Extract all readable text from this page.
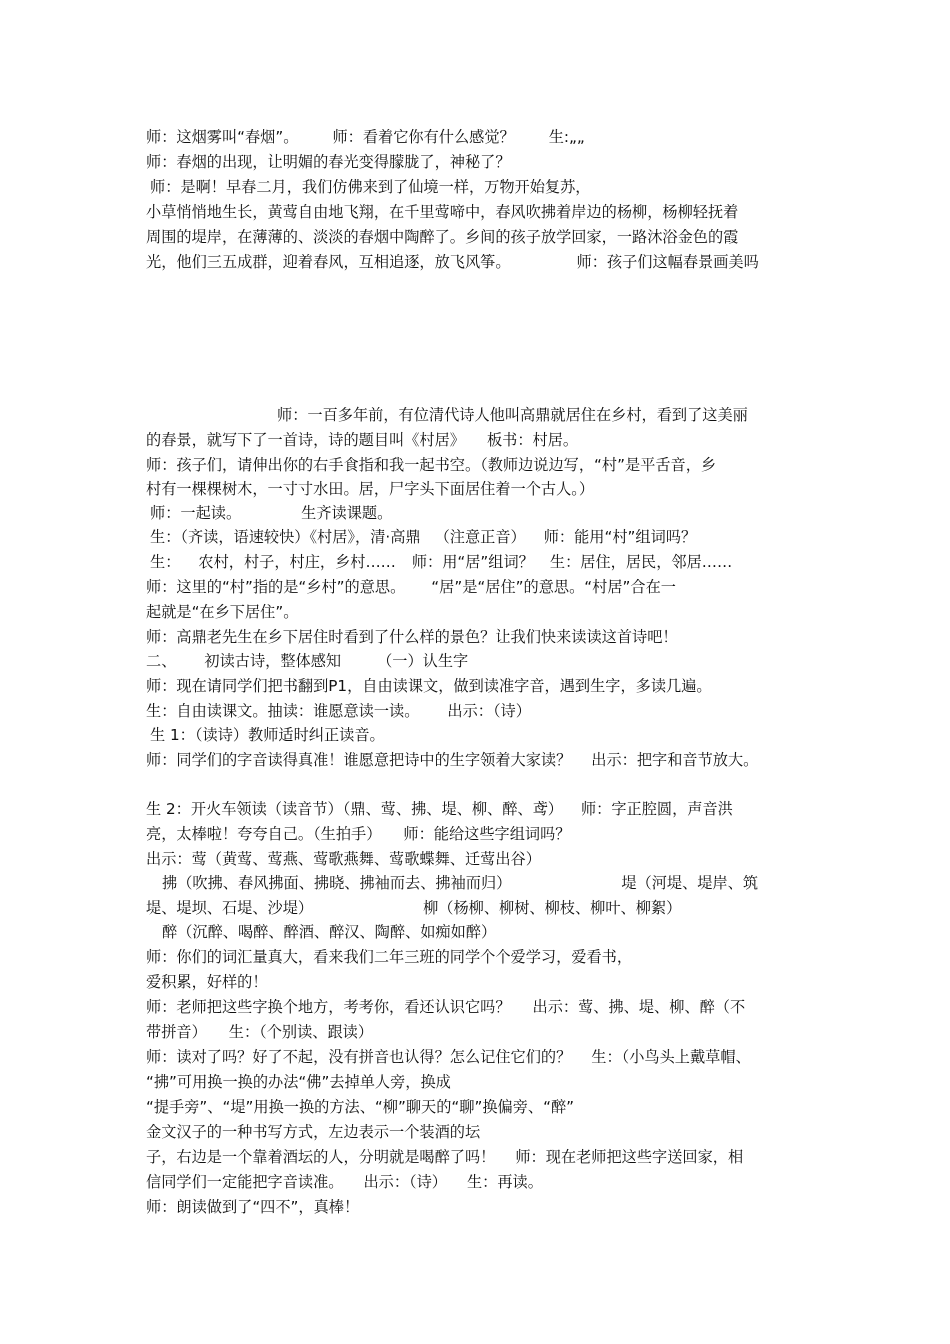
师：这烟雾叫“春烟”。 师：看着它你有什么感觉？ 生:„„
师：春烟的出现，让明媚的春光变得朦胧了，神秘了？
师：是啊！早春二月，我们仿佛来到了仙境一样，万物开始复苏，
小草悄悄地生长，黄莺自由地飞翔，在千里莺啼中，春风吹拂着岸边的杨柳，杨柳轻抚着
周围的堤岸，在薄薄的、淡淡的春烟中陶醉了。乡间的孩子放学回家，一路沐浴金色的霞
光，他们三五成群，迎着春风，互相追逐，放飞风筝。	师：孩子们这幅春景画美吗
师：一百多年前，有位清代诗人他叫高鼎就居住在乡村，看到了这美丽
的春景，就写下了一首诗，诗的题目叫《村居》 板书：村居。
师：孩子们，请伸出你的右手食指和我一起书空。（教师边说边写，“村”是平舌音，乡
村有一棵棵树木，一寸寸水田。居，尸字头下面居住着一个古人。）
师：一起读。	生齐读课题。
生：（齐读，语速较快）《村居》，清·高鼎 （注意正音） 师：能用“村”组词吗？
生： 农村，村子，村庄，乡村…… 师：用“居”组词？ 生：居住，居民，邻居……
师：这里的“村”指的是“乡村”的意思。 “居”是“居住”的意思。“村居”合在一
起就是“在乡下居住”。
师：高鼎老先生在乡下居住时看到了什么样的景色？让我们快来读读这首诗吧！
二、 初读古诗，整体感知 （一）认生字
师：现在请同学们把书翻到P1，自由读课文，做到读准字音，遇到生字，多读几遍。
生：自由读课文。抽读：谁愿意读一读。 出示：（诗）
生 1：（读诗）教师适时纠正读音。
师：同学们的字音读得真准！谁愿意把诗中的生字领着大家读？ 出示：把字和音节放大。
生 2：开火车领读（读音节）（鼎、莺、拂、堤、柳、醉、鸢） 师：字正腔圆，声音洪
亮，太棒啦！夸夸自己。（生拍手） 师：能给这些字组词吗？
出示：莺（黄莺、莺燕、莺歌燕舞、莺歌蝶舞、迁莺出谷）
拂（吹拂、春风拂面、拂晓、拂袖而去、拂袖而归）	堤（河堤、堤岸、筑
堤、堤坝、石堤、沙堤）	柳（杨柳、柳树、柳枝、柳叶、柳絮）
醉（沉醉、喝醉、醉酒、醉汉、陶醉、如痴如醉）
师：你们的词汇量真大，看来我们二年三班的同学个个爱学习，爱看书，
爱积累，好样的！
师：老师把这些字换个地方，考考你，看还认识它吗？ 出示：莺、拂、堤、柳、醉（不
带拼音） 生：（个别读、跟读）
师：读对了吗？好了不起，没有拼音也认得？怎么记住它们的？ 生：（小鸟头上戴草帽、
“拂”可用换一换的办法“佛”去掉单人旁，换成
“提手旁”、“堤”用换一换的方法、“柳”聊天的“聊”换偏旁、“醉”
金文汉子的一种书写方式，左边表示一个装酒的坛
子，右边是一个靠着酒坛的人，分明就是喝醉了吗！ 师：现在老师把这些字送回家，相
信同学们一定能把字音读准。 出示：（诗） 生：再读。
师：朗读做到了“四不”，真棒！
